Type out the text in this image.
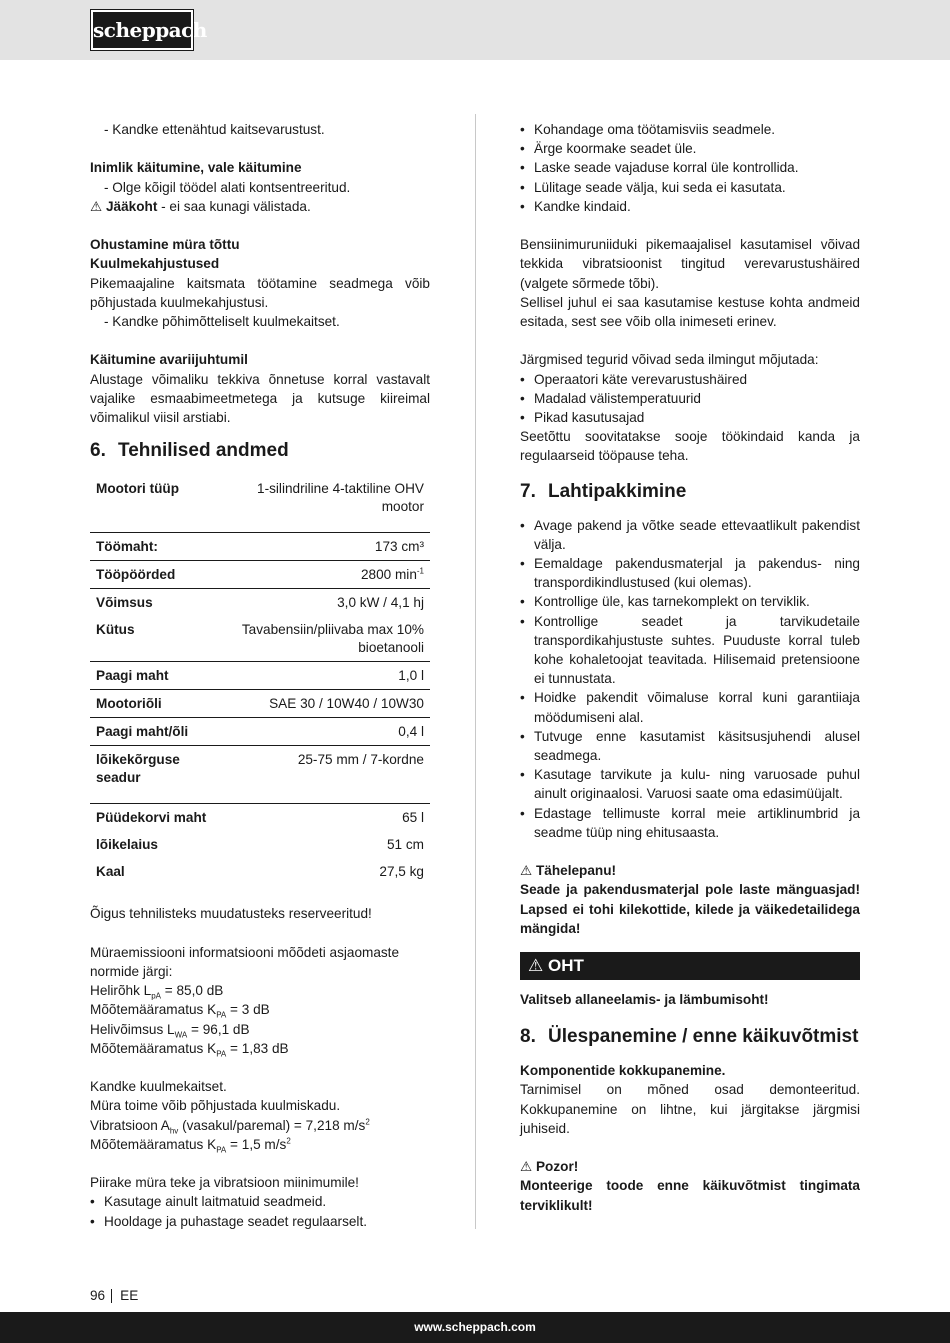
scheppach

- Kandke ettenähtud kaitsevarustust.

Inimlik käitumine, vale käitumine

- Olge kõigil töödel alati kontsentreeritud.

⚠ Jääkoht - ei saa kunagi välistada.

Ohustamine müra tõttu

Kuulmekahjustused

Pikemaajaline kaitsmata töötamine seadmega võib põhjustada kuulmekahjustusi.

- Kandke põhimõtteliselt kuulmekaitset.

Käitumine avariijuhtumil

Alustage võimaliku tekkiva õnnetuse korral vastavalt vajalike esmaabimeetmetega ja kutsuge kiireimal võimalikul viisil arstiabi.

6. Tehnilised andmed
Mootori tüüp	1-silindriline 4-taktiline OHV mootor
Töömaht:	173 cm³
Tööpöörded	2800 $\min^{-1}$
Võimsus	3,0 kW / 4,1 hj
Kütus	Tavabensiin/pliivaba max 10% bioetanooli
Paagi maht	1,0 l
Mootoriõli	SAE 30 / 10W40 / 10W30
Paagi maht/õli	0,4 l
lõikekõrguse seadur	25-75 mm / 7-kordne
Püüdekorvi maht	65 l
lõikelaius	51 cm
Kaal	27,5 kg

Õigus tehnilisteks muudatusteks reserveeritud!

Müraemissiooni informatsiooni mõõdeti asjaomaste normide järgi:

Helirõhk $L_{pA} = 85,0$ dB

Mõõtemääramatus $K_{PA} = 3$ dB

Helivõimsus $L_{WA} = 96,1$ dB

Mõõtemääramatus $K_{PA} = 1,83$ dB

Kandke kuulmekaitset.

Müra toime võib põhjustada kuulmiskadu.

Vibratsioon $A_{hv}$ (vasakul/paremal) = 7,218 $m/s^2$

Mõõtemääramatus $K_{PA} = 1,5$ $m/s^2$

Piirake müra teke ja vibratsioon miinimumile!

• Kasutage ainult laitmatuid seadmeid.

• Hooldage ja puhastage seadet regulaarselt.

• Kohandage oma töötamisviis seadmele.

• Ärge koormake seadet üle.

• Laske seade vajaduse korral üle kontrollida.

• Lülitage seade välja, kui seda ei kasutata.

• Kandke kindaid.

Bensiinimuruniiduki pikemaajalisel kasutamisel võivad tekkida vibratsioonist tingitud verevarustushäired (valgete sõrmede tõbi).

Sellisel juhul ei saa kasutamise kestuse kohta andmeid esitada, sest see võib olla inimeseti erinev.

Järgmised tegurid võivad seda ilmingut mõjutada:

• Operaatori käte verevarustushäired

• Madalad välistemperatuurid

• Pikad kasutusajad

Seetõttu soovitatakse sooje töökindaid kanda ja regulaarseid tööpause teha.

7. Lahtipakkimine

• Avage pakend ja võtke seade ettevaatlikult pakendist välja.

• Eemaldage pakendusmaterjal ja pakendus- ning transpordikindlustused (kui olemas).

• Kontrollige üle, kas tarnekomplekt on terviklik.

• Kontrollige seadet ja tarvikudetaile transpordikahjustuste suhtes. Puuduste korral tuleb kohe kohaletoojat teavitada. Hilisemaid pretensioone ei tunnustata.

• Hoidke pakendit võimaluse korral kuni garantiiaja möödumiseni alal.

• Tutvuge enne kasutamist käsitsusjuhendi alusel seadmega.

• Kasutage tarvikute ja kulu- ning varuosade puhul ainult originaalosi. Varuosi saate oma edasimüüjalt.

• Edastage tellimuste korral meie artiklinumbrid ja seadme tüüp ning ehitusaasta.

⚠ Tähelepanu!

Seade ja pakendusmaterjal pole laste mänguasjad! Lapsed ei tohi kilekottide, kilede ja väikedetailidega mängida!

⚠ OHT

Valitseb allaneelamis- ja lämbumisoht!

8. Ülespanemine / enne käikuvõtmist

Komponentide kokkupanemine.

Tarnimisel on mõned osad demonteeritud. Kokkupanemine on lihtne, kui järgitakse järgmisi juhiseid.

⚠ Pozor!

Monteerige toode enne käikuvõtmist tingimata terviklikult!

96 EE
www.scheppach.com
